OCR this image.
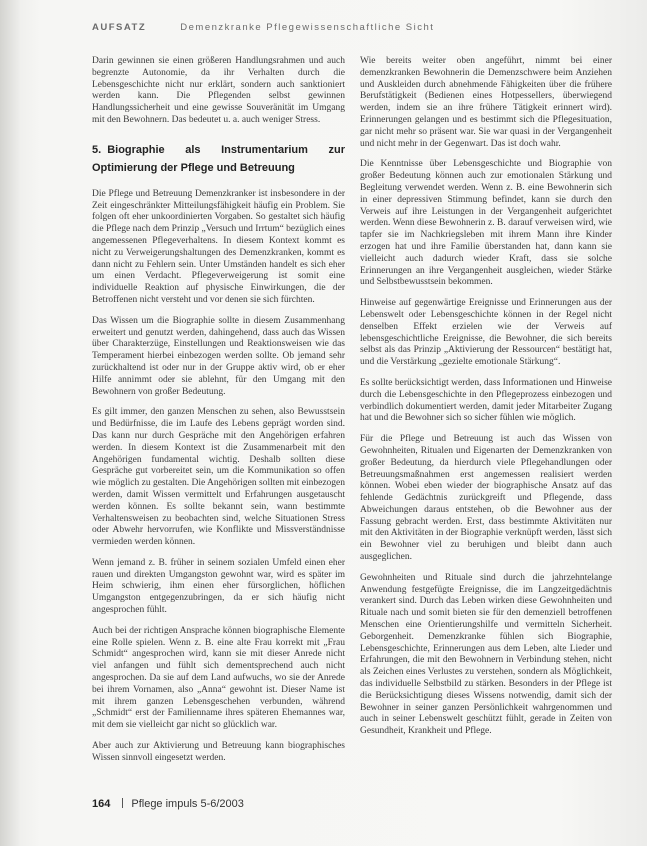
AUFSATZ	Demenzkranke Pflegewissenschaftliche Sicht

Darin gewinnen sie einen größeren Handlungsrahmen und auch begrenzte Autonomie, da ihr Verhalten durch die Lebensgeschichte nicht nur erklärt, sondern auch sanktioniert werden kann. Die Pflegenden selbst gewinnen Handlungssicherheit und eine gewisse Souveränität im Umgang mit den Bewohnern. Das bedeutet u. a. auch weniger Stress.

5. Biographie als Instrumentarium zur Optimierung der Pflege und Betreuung

Die Pflege und Betreuung Demenzkranker ist insbesondere in der Zeit eingeschränkter Mitteilungsfähigkeit häufig ein Problem. Sie folgen oft eher unkoordinierten Vorgaben. So gestaltet sich häufig die Pflege nach dem Prinzip „Versuch und Irrtum“ bezüglich eines angemessenen Pflegeverhaltens. In diesem Kontext kommt es nicht zu Verweigerungshaltungen des Demenzkranken, kommt es dann nicht zu Fehlern sein. Unter Umständen handelt es sich eher um einen Verdacht. Pflegeverweigerung ist somit eine individuelle Reaktion auf physische Einwirkungen, die der Betroffenen nicht versteht und vor denen sie sich fürchten.

Das Wissen um die Biographie sollte in diesem Zusammenhang erweitert und genutzt werden, dahingehend, dass auch das Wissen über Charakterzüge, Einstellungen und Reaktionsweisen wie das Temperament hierbei einbezogen werden sollte. Ob jemand sehr zurückhaltend ist oder nur in der Gruppe aktiv wird, ob er eher Hilfe annimmt oder sie ablehnt, für den Umgang mit den Bewohnern von großer Bedeutung.

Es gilt immer, den ganzen Menschen zu sehen, also Bewusstsein und Bedürfnisse, die im Laufe des Lebens geprägt worden sind. Das kann nur durch Gespräche mit den Angehörigen erfahren werden. In diesem Kontext ist die Zusammenarbeit mit den Angehörigen fundamental wichtig. Deshalb sollten diese Gespräche gut vorbereitet sein, um die Kommunikation so offen wie möglich zu gestalten. Die Angehörigen sollten mit einbezogen werden, damit Wissen vermittelt und Erfahrungen ausgetauscht werden können. Es sollte bekannt sein, wann bestimmte Verhaltensweisen zu beobachten sind, welche Situationen Stress oder Abwehr hervorrufen, wie Konflikte und Missverständnisse vermieden werden können.

Wenn jemand z. B. früher in seinem sozialen Umfeld einen eher rauen und direkten Umgangston gewohnt war, wird es später im Heim schwierig, ihm einen eher fürsorglichen, höflichen Umgangston entgegenzubringen, da er sich häufig nicht angesprochen fühlt.

Auch bei der richtigen Ansprache können biographische Elemente eine Rolle spielen. Wenn z. B. eine alte Frau korrekt mit „Frau Schmidt“ angesprochen wird, kann sie mit dieser Anrede nicht viel anfangen und fühlt sich dementsprechend auch nicht angesprochen. Da sie auf dem Land aufwuchs, wo sie der Anrede bei ihrem Vornamen, also „Anna“ gewohnt ist. Dieser Name ist mit ihrem ganzen Lebensgeschehen verbunden, während „Schmidt“ erst der Familienname ihres späteren Ehemannes war, mit dem sie vielleicht gar nicht so glücklich war.

Aber auch zur Aktivierung und Betreuung kann biographisches Wissen sinnvoll eingesetzt werden.

Wie bereits weiter oben angeführt, nimmt bei einer demenzkranken Bewohnerin die Demenzschwere beim Anziehen und Auskleiden durch abnehmende Fähigkeiten über die frühere Berufstätigkeit (Bedienen eines Hotpessellers, überwiegend werden, indem sie an ihre frühere Tätigkeit erinnert wird). Erinnerungen gelangen und es bestimmt sich die Pflegesituation, gar nicht mehr so präsent war. Sie war quasi in der Vergangenheit und nicht mehr in der Gegenwart. Das ist doch wahr.

Die Kenntnisse über Lebensgeschichte und Biographie von großer Bedeutung können auch zur emotionalen Stärkung und Begleitung verwendet werden. Wenn z. B. eine Bewohnerin sich in einer depressiven Stimmung befindet, kann sie durch den Verweis auf ihre Leistungen in der Vergangenheit aufgerichtet werden. Wenn diese Bewohnerin z. B. darauf verweisen wird, wie tapfer sie im Nachkriegsleben mit ihrem Mann ihre Kinder erzogen hat und ihre Familie überstanden hat, dann kann sie vielleicht auch dadurch wieder Kraft, dass sie solche Erinnerungen an ihre Vergangenheit ausgleichen, wieder Stärke und Selbstbewusstsein bekommen.

Hinweise auf gegenwärtige Ereignisse und Erinnerungen aus der Lebenswelt oder Lebensgeschichte können in der Regel nicht denselben Effekt erzielen wie der Verweis auf lebensgeschichtliche Ereignisse, die Bewohner, die sich bereits selbst als das Prinzip „Aktivierung der Ressourcen“ bestätigt hat, und die Verstärkung „gezielte emotionale Stärkung“.

Es sollte berücksichtigt werden, dass Informationen und Hinweise durch die Lebensgeschichte in den Pflegeprozess einbezogen und verbindlich dokumentiert werden, damit jeder Mitarbeiter Zugang hat und die Bewohner sich so sicher fühlen wie möglich.

Für die Pflege und Betreuung ist auch das Wissen von Gewohnheiten, Ritualen und Eigenarten der Demenzkranken von großer Bedeutung, da hierdurch viele Pflegehandlungen oder Betreuungsmaßnahmen erst angemessen realisiert werden können. Wobei eben wieder der biographische Ansatz auf das fehlende Gedächtnis zurückgreift und Pflegende, dass Abweichungen daraus entstehen, ob die Bewohner aus der Fassung gebracht werden. Erst, dass bestimmte Aktivitäten nur mit den Aktivitäten in der Biographie verknüpft werden, lässt sich ein Bewohner viel zu beruhigen und bleibt dann auch ausgeglichen.

Gewohnheiten und Rituale sind durch die jahrzehntelange Anwendung festgefügte Ereignisse, die im Langzeitgedächtnis verankert sind. Durch das Leben wirken diese Gewohnheiten und Rituale nach und somit bieten sie für den demenziell betroffenen Menschen eine Orientierungshilfe und vermitteln Sicherheit. Geborgenheit. Demenzkranke fühlen sich Biographie, Lebensgeschichte, Erinnerungen aus dem Leben, alte Lieder und Erfahrungen, die mit den Bewohnern in Verbindung stehen, nicht als Zeichen eines Verlustes zu verstehen, sondern als Möglichkeit, das individuelle Selbstbild zu stärken. Besonders in der Pflege ist die Berücksichtigung dieses Wissens notwendig, damit sich der Bewohner in seiner ganzen Persönlichkeit wahrgenommen und auch in seiner Lebenswelt geschützt fühlt, gerade in Zeiten von Gesundheit, Krankheit und Pflege.

164 Pflege impuls 5-6/2003
